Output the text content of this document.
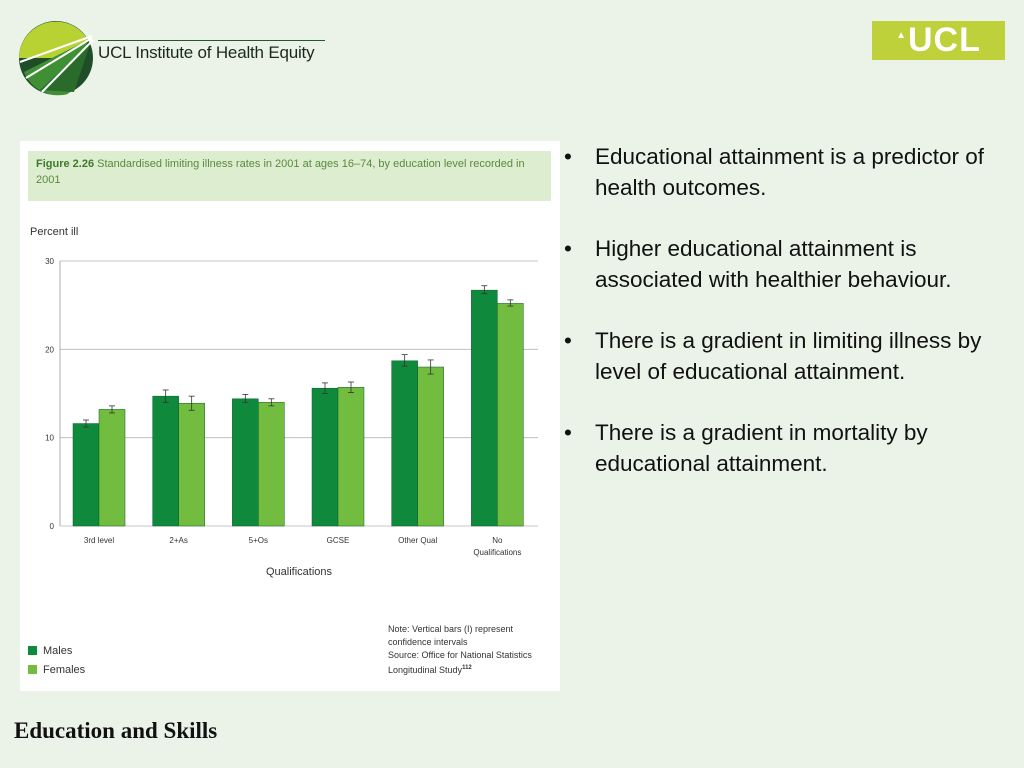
UCL Institute of Health Equity
▲ UCL
Figure 2.26 Standardised limiting illness rates in 2001 at ages 16–74, by education level recorded in 2001
Percent ill
0
10
20
30
3rd level	2+As	5+Os	GCSE	Other Qual	No
Qualifications
Qualifications
Males
Females
Note: Vertical bars (I) represent
confidence intervals
Source: Office for National Statistics
Longitudinal Study$^{112}$
• Educational attainment is a predictor of health outcomes.
• Higher educational attainment is associated with healthier behaviour.
• There is a gradient in limiting illness by level of educational attainment.
• There is a gradient in mortality by educational attainment.
Education and Skills
